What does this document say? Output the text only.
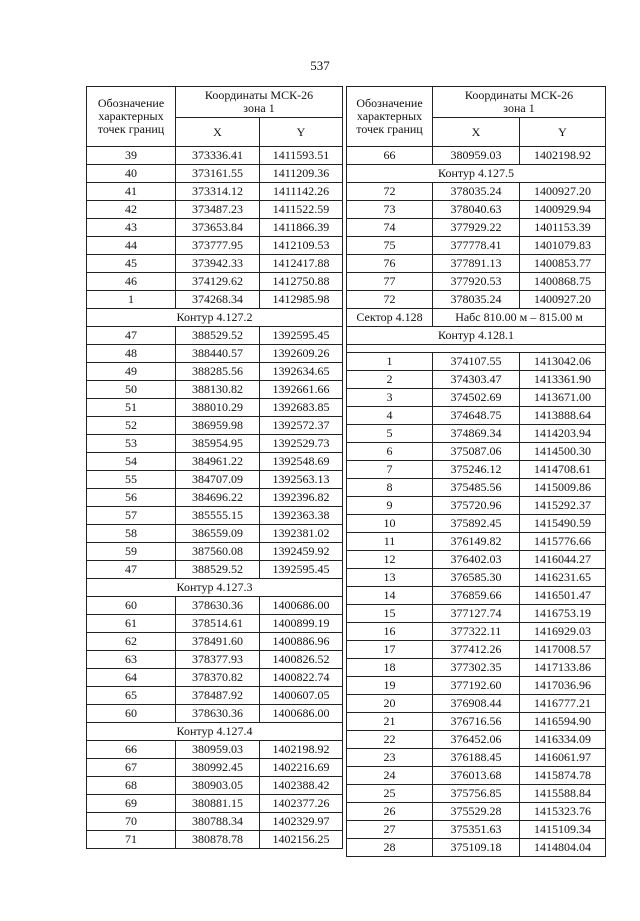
537
Обозначение
характерных
точек границ	Координаты МСК-26
зона 1	
	X	Y
39	373336.41	1411593.51
40	373161.55	1411209.36
41	373314.12	1411142.26
42	373487.23	1411522.59
43	373653.84	1411866.39
44	373777.95	1412109.53
45	373942.33	1412417.88
46	374129.62	1412750.88
1	374268.34	1412985.98
Контур 4.127.2		
47	388529.52	1392595.45
48	388440.57	1392609.26
49	388285.56	1392634.65
50	388130.82	1392661.66
51	388010.29	1392683.85
52	386959.98	1392572.37
53	385954.95	1392529.73
54	384961.22	1392548.69
55	384707.09	1392563.13
56	384696.22	1392396.82
57	385555.15	1392363.38
58	386559.09	1392381.02
59	387560.08	1392459.92
47	388529.52	1392595.45
Контур 4.127.3		
60	378630.36	1400686.00
61	378514.61	1400899.19
62	378491.60	1400886.96
63	378377.93	1400826.52
64	378370.82	1400822.74
65	378487.92	1400607.05
60	378630.36	1400686.00
Контур 4.127.4		
66	380959.03	1402198.92
67	380992.45	1402216.69
68	380903.05	1402388.42
69	380881.15	1402377.26
70	380788.34	1402329.97
71	380878.78	1402156.25
Обозначение
характерных
точек границ	Координаты МСК-26
зона 1	
	X	Y
66	380959.03	1402198.92
Контур 4.127.5		
72	378035.24	1400927.20
73	378040.63	1400929.94
74	377929.22	1401153.39
75	377778.41	1401079.83
76	377891.13	1400853.77
77	377920.53	1400868.75
72	378035.24	1400927.20
Сектор 4.128	Набс 810.00 м – 815.00 м	
Контур 4.128.1		

1	374107.55	1413042.06
2	374303.47	1413361.90
3	374502.69	1413671.00
4	374648.75	1413888.64
5	374869.34	1414203.94
6	375087.06	1414500.30
7	375246.12	1414708.61
8	375485.56	1415009.86
9	375720.96	1415292.37
10	375892.45	1415490.59
11	376149.82	1415776.66
12	376402.03	1416044.27
13	376585.30	1416231.65
14	376859.66	1416501.47
15	377127.74	1416753.19
16	377322.11	1416929.03
17	377412.26	1417008.57
18	377302.35	1417133.86
19	377192.60	1417036.96
20	376908.44	1416777.21
21	376716.56	1416594.90
22	376452.06	1416334.09
23	376188.45	1416061.97
24	376013.68	1415874.78
25	375756.85	1415588.84
26	375529.28	1415323.76
27	375351.63	1415109.34
28	375109.18	1414804.04
